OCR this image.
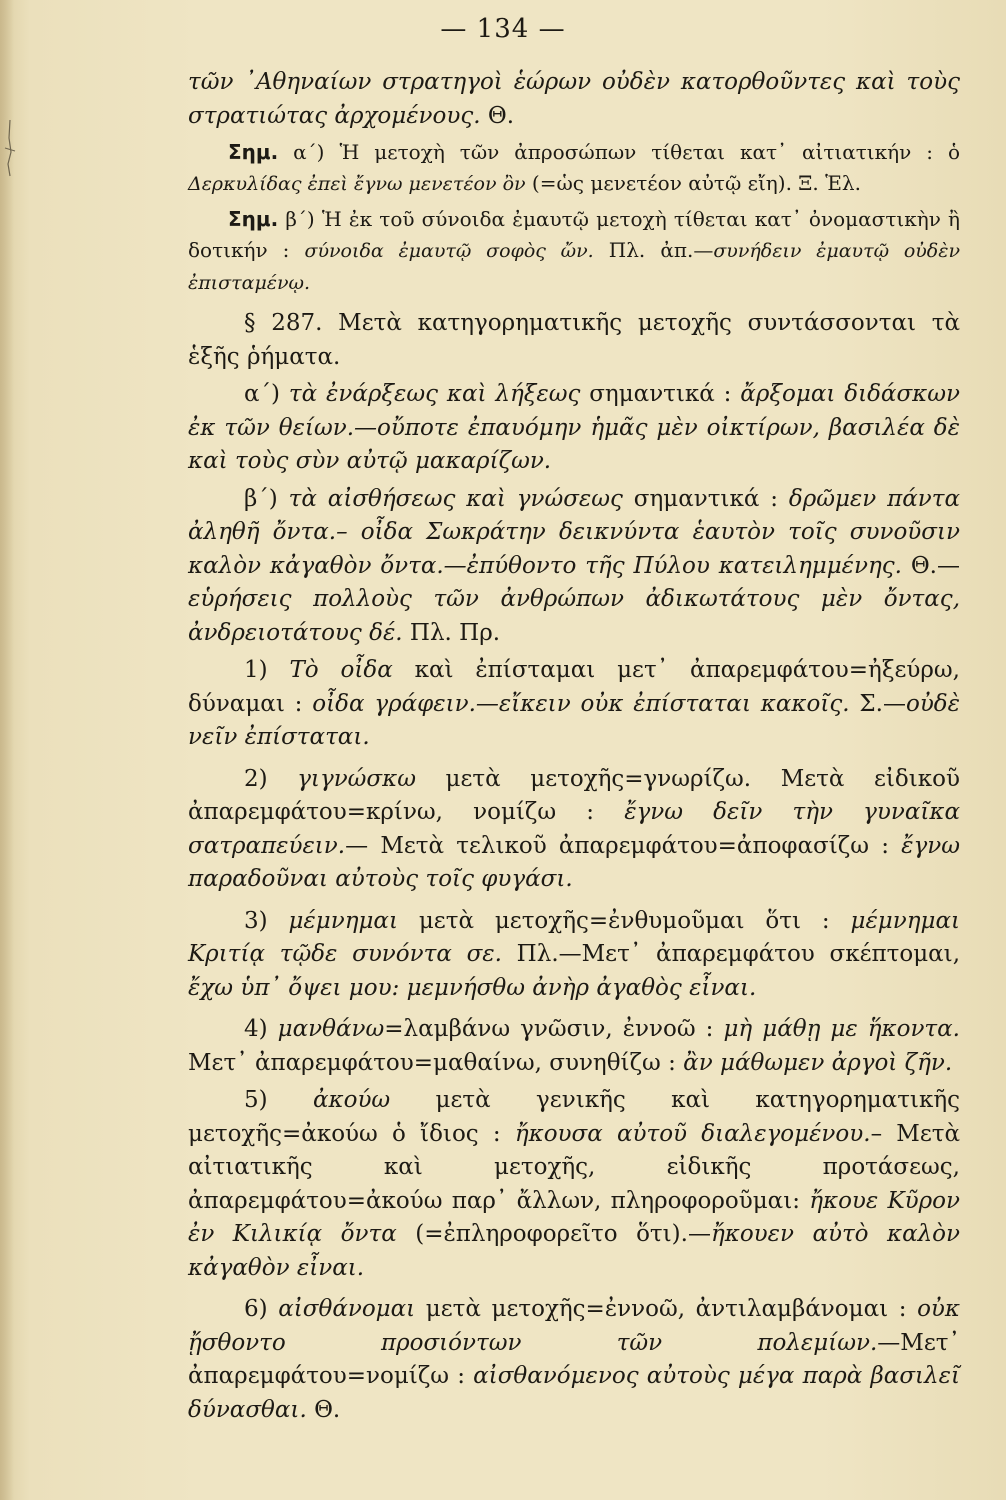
— 134 —

τῶν ᾿Αθηναίων στρατηγοὶ ἑώρων οὐδὲν κατορθοῦντες καὶ τοὺς στρατιώτας ἀρχομένους. Θ.

Σημ. α΄) Ἡ μετοχὴ τῶν ἀπροσώπων τίθεται κατ᾿ αἰτιατικήν : ὁ Δερκυλίδας ἐπεὶ ἔγνω μενετέον ὂν (=ὡς μενετέον αὐτῷ εἴη). Ξ. Ἑλ.

Σημ. β΄) Ἡ ἐκ τοῦ σύνοιδα ἐμαυτῷ μετοχὴ τίθεται κατ᾿ ὀνομαστικὴν ἢ δοτικήν : σύνοιδα ἐμαυτῷ σοφὸς ὤν. Πλ. ἀπ.—συνήδειν ἐμαυτῷ οὐδὲν ἐπισταμένῳ.

§ 287. Μετὰ κατηγορηματικῆς μετοχῆς συντάσσονται τὰ ἑξῆς ῥήματα.

α΄) τὰ ἐνάρξεως καὶ λήξεως σημαντικά : ἄρξομαι διδάσκων ἐκ τῶν θείων.—οὔποτε ἐπαυόμην ἡμᾶς μὲν οἰκτίρων, βασιλέα δὲ καὶ τοὺς σὺν αὐτῷ μακαρίζων.

β΄) τὰ αἰσθήσεως καὶ γνώσεως σημαντικά : δρῶμεν πάντα ἀληθῆ ὄντα.– οἶδα Σωκράτην δεικνύντα ἑαυτὸν τοῖς συνοῦσιν καλὸν κἀγαθὸν ὄντα.—ἐπύθοντο τῆς Πύλου κατειλημμένης. Θ.—εὑρήσεις πολλοὺς τῶν ἀνθρώπων ἀδικωτάτους μὲν ὄντας, ἀνδρειοτάτους δέ. Πλ. Πρ.

1) Τὸ οἶδα καὶ ἐπίσταμαι μετ᾿ ἀπαρεμφάτου=ἠξεύρω, δύναμαι : οἶδα γράφειν.—εἴκειν οὐκ ἐπίσταται κακοῖς. Σ.—οὐδὲ νεῖν ἐπίσταται.

2) γιγνώσκω μετὰ μετοχῆς=γνωρίζω. Μετὰ εἰδικοῦ ἀπαρεμφάτου=κρίνω, νομίζω : ἔγνω δεῖν τὴν γυναῖκα σατραπεύειν.— Μετὰ τελικοῦ ἀπαρεμφάτου=ἀποφασίζω : ἔγνω παραδοῦναι αὐτοὺς τοῖς φυγάσι.

3) μέμνημαι μετὰ μετοχῆς=ἐνθυμοῦμαι ὅτι : μέμνημαι Κριτίᾳ τῷδε συνόντα σε. Πλ.—Μετ᾿ ἀπαρεμφάτου σκέπτομαι, ἔχω ὑπ᾿ ὄψει μου: μεμνήσθω ἀνὴρ ἀγαθὸς εἶναι.

4) μανθάνω=λαμβάνω γνῶσιν, ἐννοῶ : μὴ μάθῃ με ἥκοντα. Μετ᾿ ἀπαρεμφάτου=μαθαίνω, συνηθίζω : ἂν μάθωμεν ἀργοὶ ζῆν.

5) ἀκούω μετὰ γενικῆς καὶ κατηγορηματικῆς μετοχῆς=ἀκούω ὁ ἴδιος : ἤκουσα αὐτοῦ διαλεγομένου.– Μετὰ αἰτιατικῆς καὶ μετοχῆς, εἰδικῆς προτάσεως, ἀπαρεμφάτου=ἀκούω παρ᾿ ἄλλων, πληροφοροῦμαι: ἤκουε Κῦρον ἐν Κιλικίᾳ ὄντα (=ἐπληροφορεῖτο ὅτι).—ἤκουεν αὐτὸ καλὸν κἀγαθὸν εἶναι.

6) αἰσθάνομαι μετὰ μετοχῆς=ἐννοῶ, ἀντιλαμβάνομαι : οὐκ ᾔσθοντο προσιόντων τῶν πολεμίων.—Μετ᾿ ἀπαρεμφάτου=νομίζω : αἰσθανόμενος αὐτοὺς μέγα παρὰ βασιλεῖ δύνασθαι. Θ.
